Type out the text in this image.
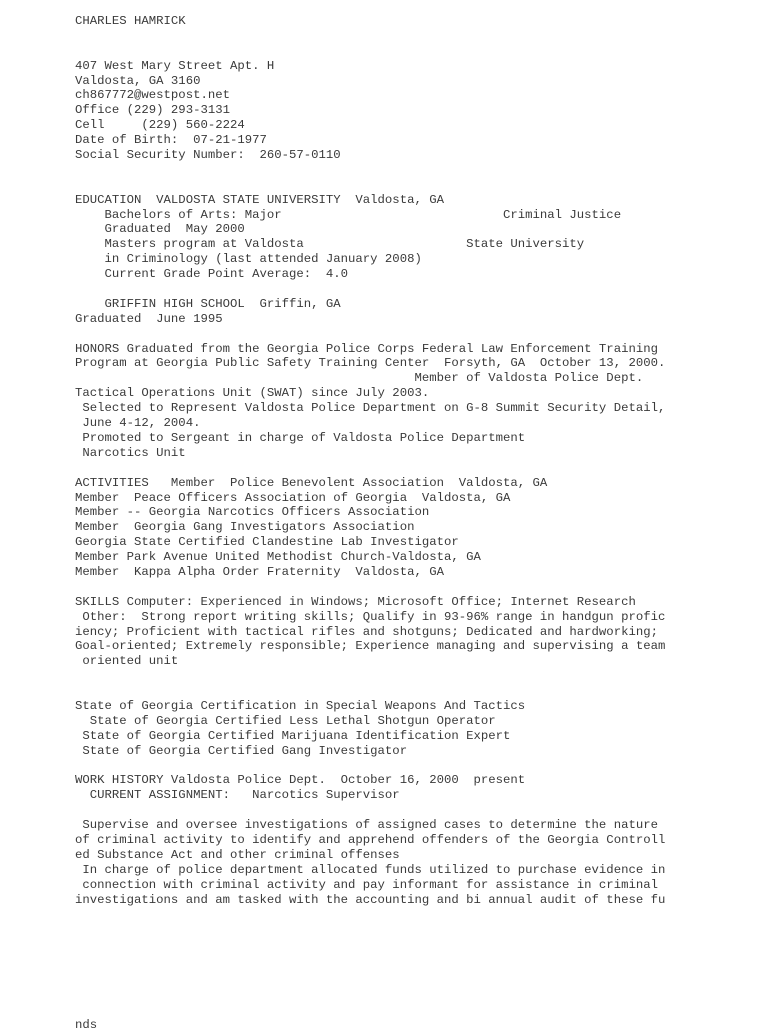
CHARLES HAMRICK
407 West Mary Street Apt. H
Valdosta, GA 3160
ch867772@westpost.net
Office (229) 293-3131
Cell     (229) 560-2224
Date of Birth:  07-21-1977
Social Security Number:  260-57-0110
EDUCATION  VALDOSTA STATE UNIVERSITY  Valdosta, GA
Bachelors of Arts: Major                              Criminal Justice
Graduated  May 2000
Masters program at Valdosta                      State University
in Criminology (last attended January 2008)
Current Grade Point Average:  4.0
GRIFFIN HIGH SCHOOL  Griffin, GA
Graduated  June 1995
HONORS Graduated from the Georgia Police Corps Federal Law Enforcement Training
Program at Georgia Public Safety Training Center  Forsyth, GA  October 13, 2000.
Member of Valdosta Police Dept.
Tactical Operations Unit (SWAT) since July 2003.
Selected to Represent Valdosta Police Department on G-8 Summit Security Detail,
June 4-12, 2004.
Promoted to Sergeant in charge of Valdosta Police Department
Narcotics Unit
ACTIVITIES   Member  Police Benevolent Association  Valdosta, GA
Member  Peace Officers Association of Georgia  Valdosta, GA
Member -- Georgia Narcotics Officers Association
Member  Georgia Gang Investigators Association
Georgia State Certified Clandestine Lab Investigator
Member Park Avenue United Methodist Church-Valdosta, GA
Member  Kappa Alpha Order Fraternity  Valdosta, GA
SKILLS Computer: Experienced in Windows; Microsoft Office; Internet Research
Other:  Strong report writing skills; Qualify in 93-96% range in handgun profic
iency; Proficient with tactical rifles and shotguns; Dedicated and hardworking;
Goal-oriented; Extremely responsible; Experience managing and supervising a team
oriented unit
State of Georgia Certification in Special Weapons And Tactics
State of Georgia Certified Less Lethal Shotgun Operator
State of Georgia Certified Marijuana Identification Expert
State of Georgia Certified Gang Investigator
WORK HISTORY Valdosta Police Dept.  October 16, 2000  present
CURRENT ASSIGNMENT:   Narcotics Supervisor
Supervise and oversee investigations of assigned cases to determine the nature
of criminal activity to identify and apprehend offenders of the Georgia Controll
ed Substance Act and other criminal offenses
In charge of police department allocated funds utilized to purchase evidence in
connection with criminal activity and pay informant for assistance in criminal
investigations and am tasked with the accounting and bi annual audit of these fu
nds
